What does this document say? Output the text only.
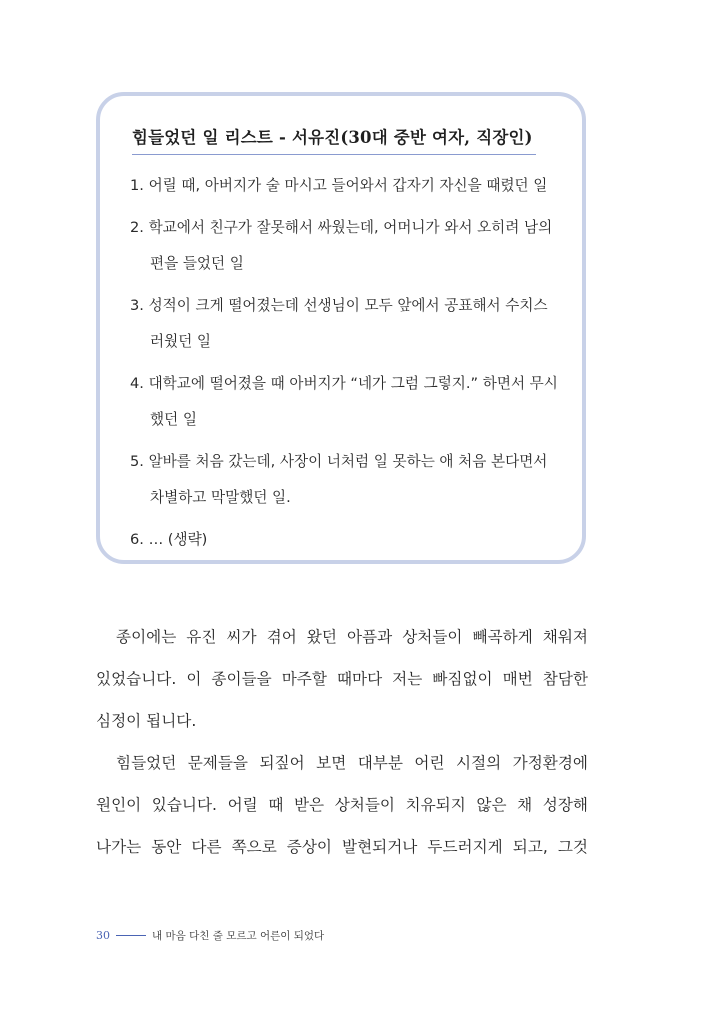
힘들었던 일 리스트 - 서유진(30대 중반 여자, 직장인)
1. 어릴 때, 아버지가 술 마시고 들어와서 갑자기 자신을 때렸던 일
2. 학교에서 친구가 잘못해서 싸웠는데, 어머니가 와서 오히려 남의
편을 들었던 일
3. 성적이 크게 떨어졌는데 선생님이 모두 앞에서 공표해서 수치스
러웠던 일
4. 대학교에 떨어졌을 때 아버지가 “네가 그럼 그렇지.” 하면서 무시
했던 일
5. 알바를 처음 갔는데, 사장이 너처럼 일 못하는 애 처음 본다면서
차별하고 막말했던 일.
6. … (생략)

종이에는 유진 씨가 겪어 왔던 아픔과 상처들이 빼곡하게 채워져
있었습니다. 이 종이들을 마주할 때마다 저는 빠짐없이 매번 참담한
심정이 됩니다.

힘들었던 문제들을 되짚어 보면 대부분 어린 시절의 가정환경에
원인이 있습니다. 어릴 때 받은 상처들이 치유되지 않은 채 성장해
나가는 동안 다른 쪽으로 증상이 발현되거나 두드러지게 되고, 그것

30	내 마음 다친 줄 모르고 어른이 되었다
